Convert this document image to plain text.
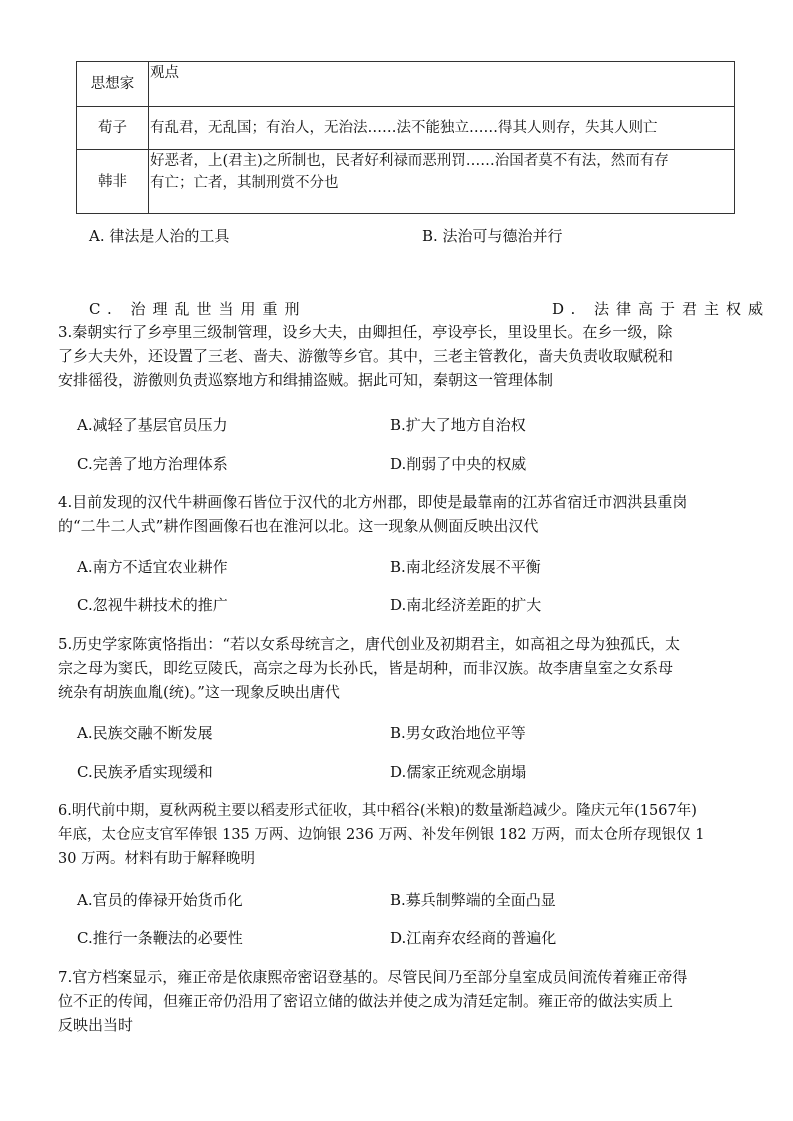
思想家	观点
荀子	有乱君，无乱国；有治人，无治法……法不能独立……得其人则存，失其人则亡
韩非	好恶者，上(君主)之所制也，民者好利禄而恶刑罚……治国者莫不有法，然而有存
有亡；亡者，其制刑赏不分也
A. 律法是人治的工具	B. 法治可与德治并行
C. 治理乱世当用重刑	D. 法律高于君主权威
3.秦朝实行了乡亭里三级制管理，设乡大夫，由卿担任，亭设亭长，里设里长。在乡一级，除
了乡大夫外，还设置了三老、啬夫、游徼等乡官。其中，三老主管教化，啬夫负责收取赋税和
安排徭役，游徼则负责巡察地方和缉捕盗贼。据此可知，秦朝这一管理体制
A.减轻了基层官员压力	B.扩大了地方自治权
C.完善了地方治理体系	D.削弱了中央的权威
4.目前发现的汉代牛耕画像石皆位于汉代的北方州郡，即使是最靠南的江苏省宿迁市泗洪县重岗
的“二牛二人式”耕作图画像石也在淮河以北。这一现象从侧面反映出汉代
A.南方不适宜农业耕作	B.南北经济发展不平衡
C.忽视牛耕技术的推广	D.南北经济差距的扩大
5.历史学家陈寅恪指出：“若以女系母统言之，唐代创业及初期君主，如高祖之母为独孤氏，太
宗之母为窦氏，即纥豆陵氏，高宗之母为长孙氏，皆是胡种，而非汉族。故李唐皇室之女系母
统杂有胡族血胤(统)。”这一现象反映出唐代
A.民族交融不断发展	B.男女政治地位平等
C.民族矛盾实现缓和	D.儒家正统观念崩塌
6.明代前中期，夏秋两税主要以稻麦形式征收，其中稻谷(米粮)的数量渐趋减少。隆庆元年(1567年)
年底，太仓应支官军俸银 135 万两、边饷银 236 万两、补发年例银 182 万两，而太仓所存现银仅 1
30 万两。材料有助于解释晚明
A.官员的俸禄开始货币化	B.募兵制弊端的全面凸显
C.推行一条鞭法的必要性	D.江南弃农经商的普遍化
7.官方档案显示，雍正帝是依康熙帝密诏登基的。尽管民间乃至部分皇室成员间流传着雍正帝得
位不正的传闻，但雍正帝仍沿用了密诏立储的做法并使之成为清廷定制。雍正帝的做法实质上
反映出当时
